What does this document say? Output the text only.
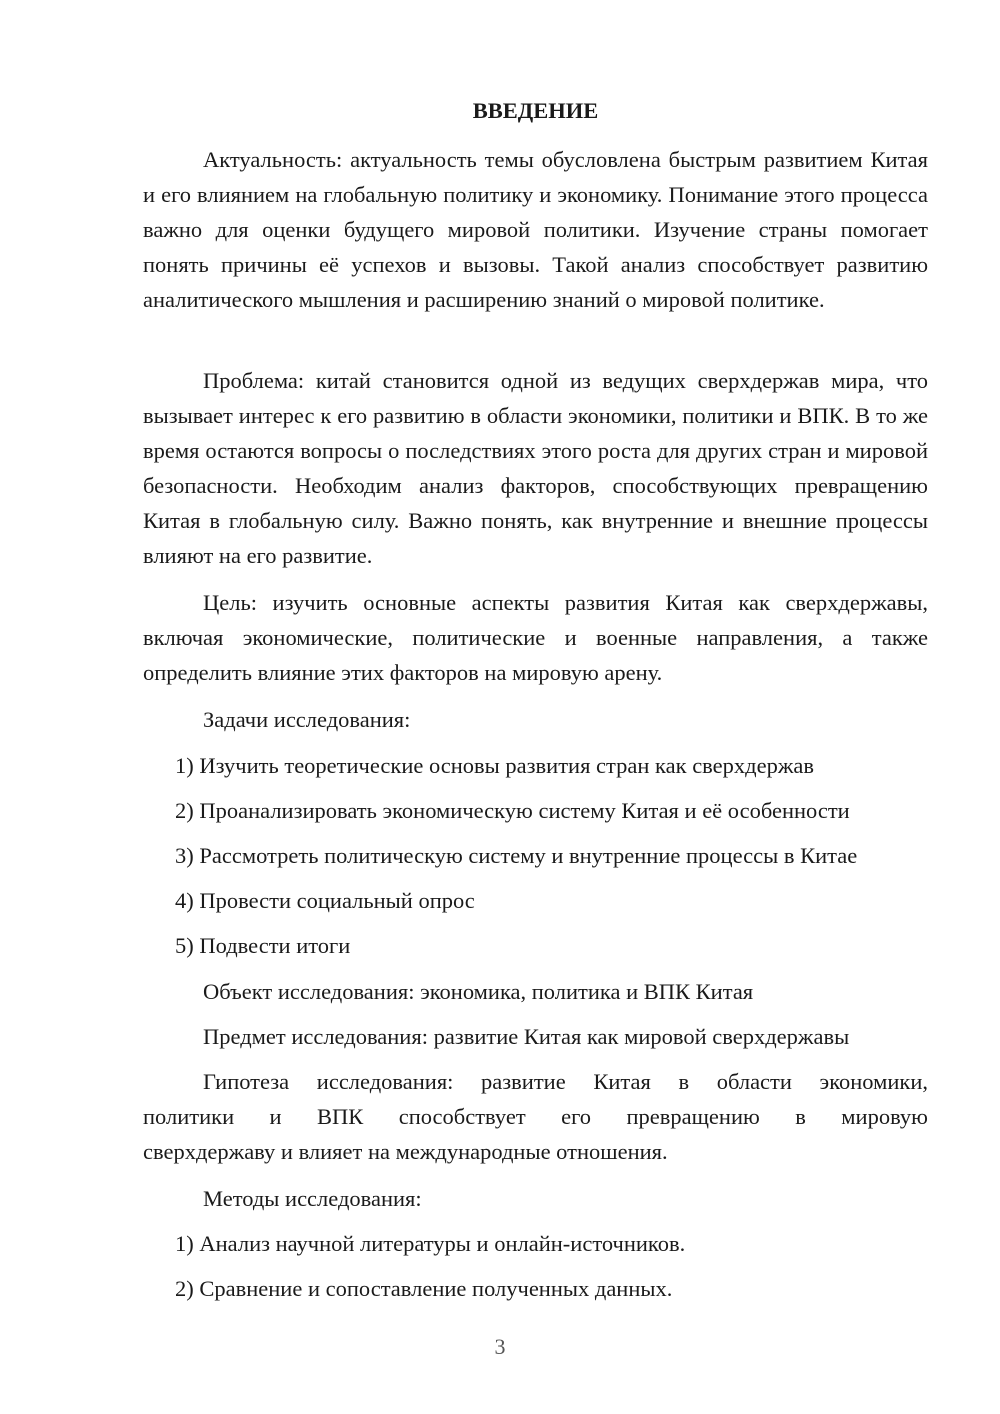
ВВЕДЕНИЕ
Актуальность: актуальность темы обусловлена быстрым развитием Китая и его влиянием на глобальную политику и экономику. Понимание этого процесса важно для оценки будущего мировой политики. Изучение страны помогает понять причины её успехов и вызовы. Такой анализ способствует развитию аналитического мышления и расширению знаний о мировой политике.
Проблема: китай становится одной из ведущих сверхдержав мира, что вызывает интерес к его развитию в области экономики, политики и ВПК. В то же время остаются вопросы о последствиях этого роста для других стран и мировой безопасности. Необходим анализ факторов, способствующих превращению Китая в глобальную силу. Важно понять, как внутренние и внешние процессы влияют на его развитие.
Цель: изучить основные аспекты развития Китая как сверхдержавы, включая экономические, политические и военные направления, а также определить влияние этих факторов на мировую арену.
Задачи исследования:
1) Изучить теоретические основы развития стран как сверхдержав
2) Проанализировать экономическую систему Китая и её особенности
3) Рассмотреть политическую систему и внутренние процессы в Китае
4) Провести социальный опрос
5) Подвести итоги
Объект исследования: экономика, политика и ВПК Китая
Предмет исследования: развитие Китая как мировой сверхдержавы
Гипотеза исследования: развитие Китая в области экономики,
политики и ВПК способствует его превращению в мировую
сверхдержаву и влияет на международные отношения.
Методы исследования:
1) Анализ научной литературы и онлайн-источников.
2) Сравнение и сопоставление полученных данных.
3
